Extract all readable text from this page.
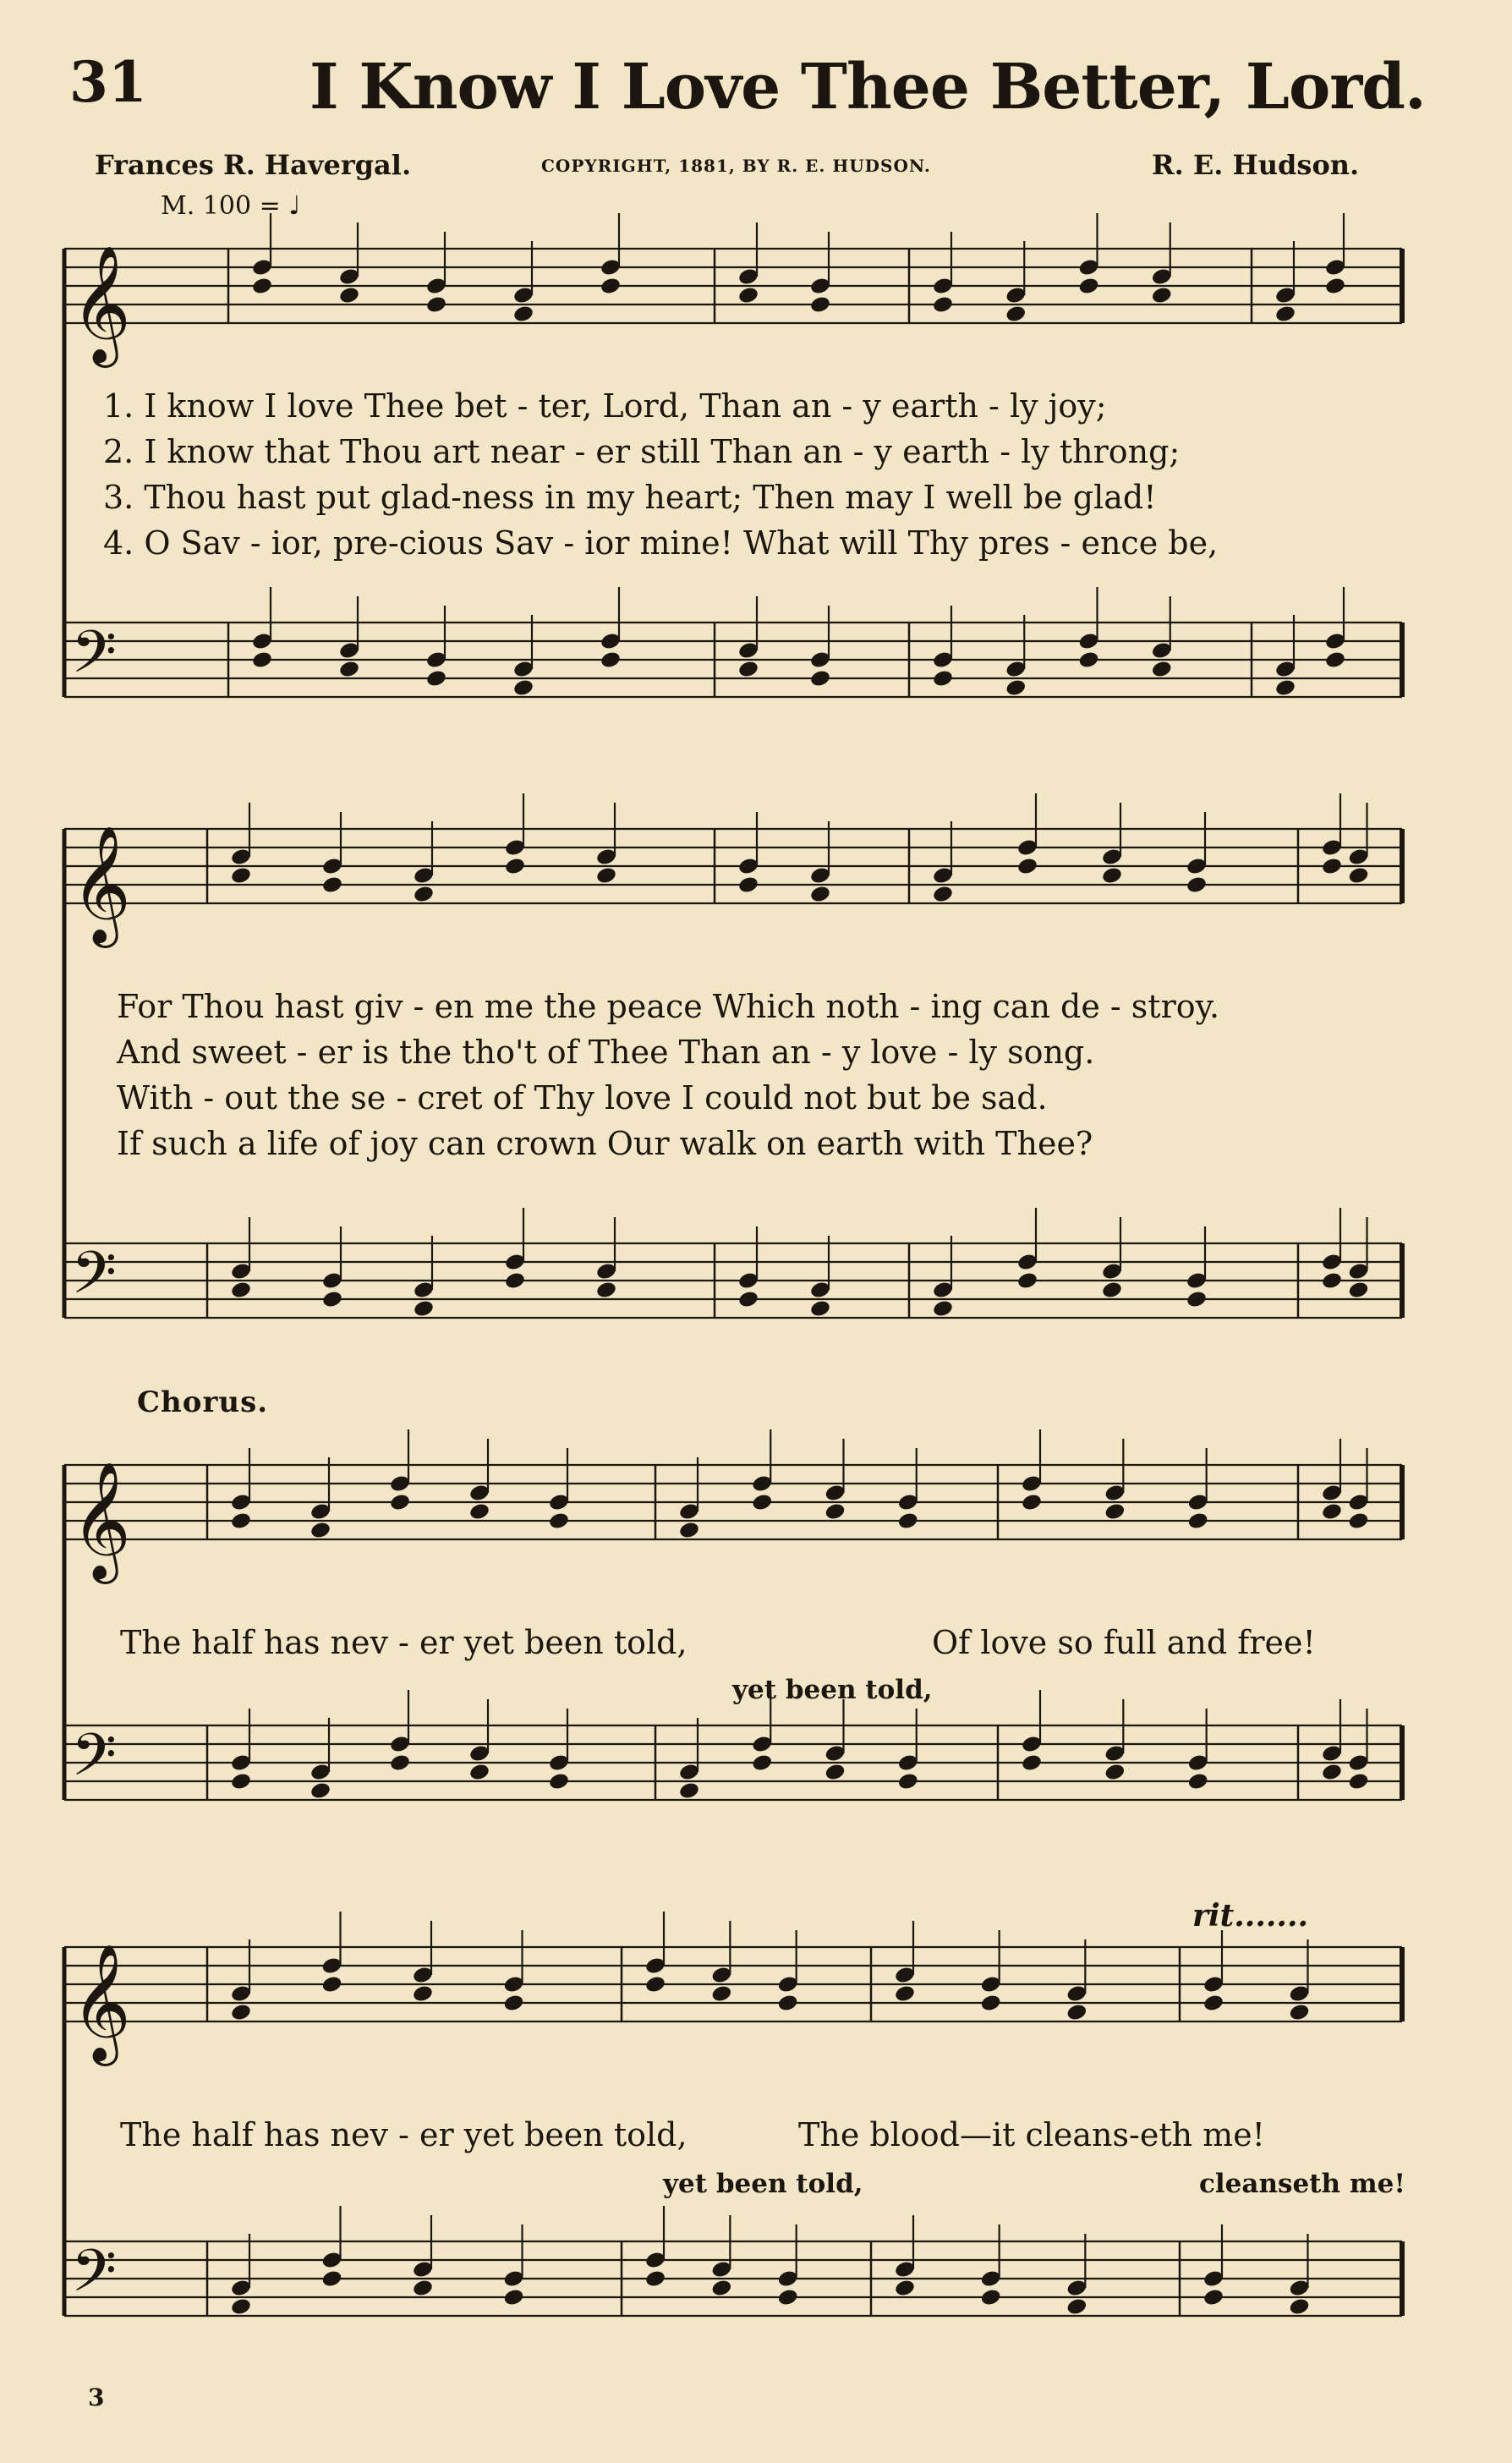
31	I Know I Love Thee Better, Lord.
Frances R. Havergal.	COPYRIGHT, 1881, BY R. E. HUDSON.	R. E. Hudson.
M. 100 = ♩
𝄞
𝄢
𝄞
𝄢
𝄞
𝄢
𝄞
𝄢
1. I know I love Thee bet - ter, Lord, Than an - y earth - ly joy;
2. I know that Thou art near - er still Than an - y earth - ly throng;
3. Thou hast put glad-ness in my heart; Then may I well be glad!
4. O Sav - ior, pre-cious Sav - ior mine! What will Thy pres - ence be,
For Thou hast giv - en me the peace Which noth - ing can de - stroy.
And sweet - er is the tho't of Thee Than an - y love - ly song.
With - out the se - cret of Thy love I could not but be sad.
If such a life of joy can crown Our walk on earth with Thee?
Chorus.
The half has nev - er yet been told,	Of love so full and free!
yet been told,
rit.......
The half has nev - er yet been told,	The blood—it cleans-eth me!
yet been told,	cleanseth me!
3
